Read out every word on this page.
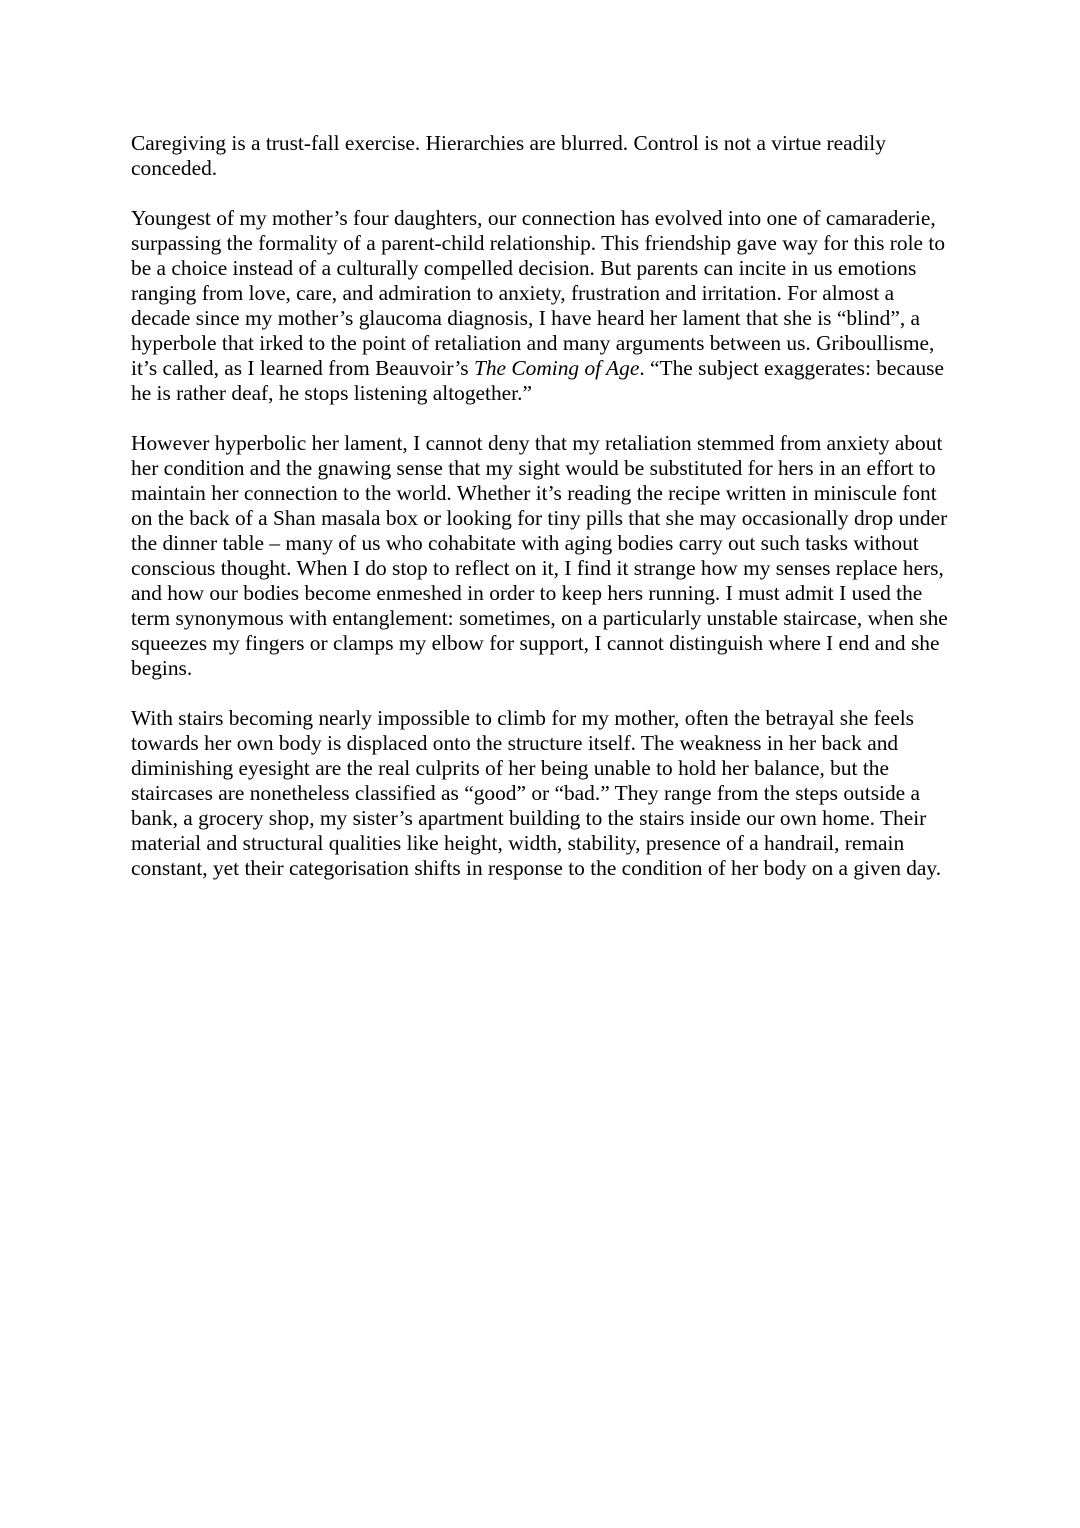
Caregiving is a trust-fall exercise. Hierarchies are blurred. Control is not a virtue readily conceded.

Youngest of my mother’s four daughters, our connection has evolved into one of camaraderie, surpassing the formality of a parent-child relationship. This friendship gave way for this role to be a choice instead of a culturally compelled decision. But parents can incite in us emotions ranging from love, care, and admiration to anxiety, frustration and irritation. For almost a decade since my mother’s glaucoma diagnosis, I have heard her lament that she is “blind”, a hyperbole that irked to the point of retaliation and many arguments between us. Griboullisme, it’s called, as I learned from Beauvoir’s The Coming of Age. “The subject exaggerates: because he is rather deaf, he stops listening altogether.”

However hyperbolic her lament, I cannot deny that my retaliation stemmed from anxiety about her condition and the gnawing sense that my sight would be substituted for hers in an effort to maintain her connection to the world. Whether it’s reading the recipe written in miniscule font on the back of a Shan masala box or looking for tiny pills that she may occasionally drop under the dinner table – many of us who cohabitate with aging bodies carry out such tasks without conscious thought. When I do stop to reflect on it, I find it strange how my senses replace hers, and how our bodies become enmeshed in order to keep hers running. I must admit I used the term synonymous with entanglement: sometimes, on a particularly unstable staircase, when she squeezes my fingers or clamps my elbow for support, I cannot distinguish where I end and she begins.

With stairs becoming nearly impossible to climb for my mother, often the betrayal she feels towards her own body is displaced onto the structure itself. The weakness in her back and diminishing eyesight are the real culprits of her being unable to hold her balance, but the staircases are nonetheless classified as “good” or “bad.” They range from the steps outside a bank, a grocery shop, my sister’s apartment building to the stairs inside our own home. Their material and structural qualities like height, width, stability, presence of a handrail, remain constant, yet their categorisation shifts in response to the condition of her body on a given day.
